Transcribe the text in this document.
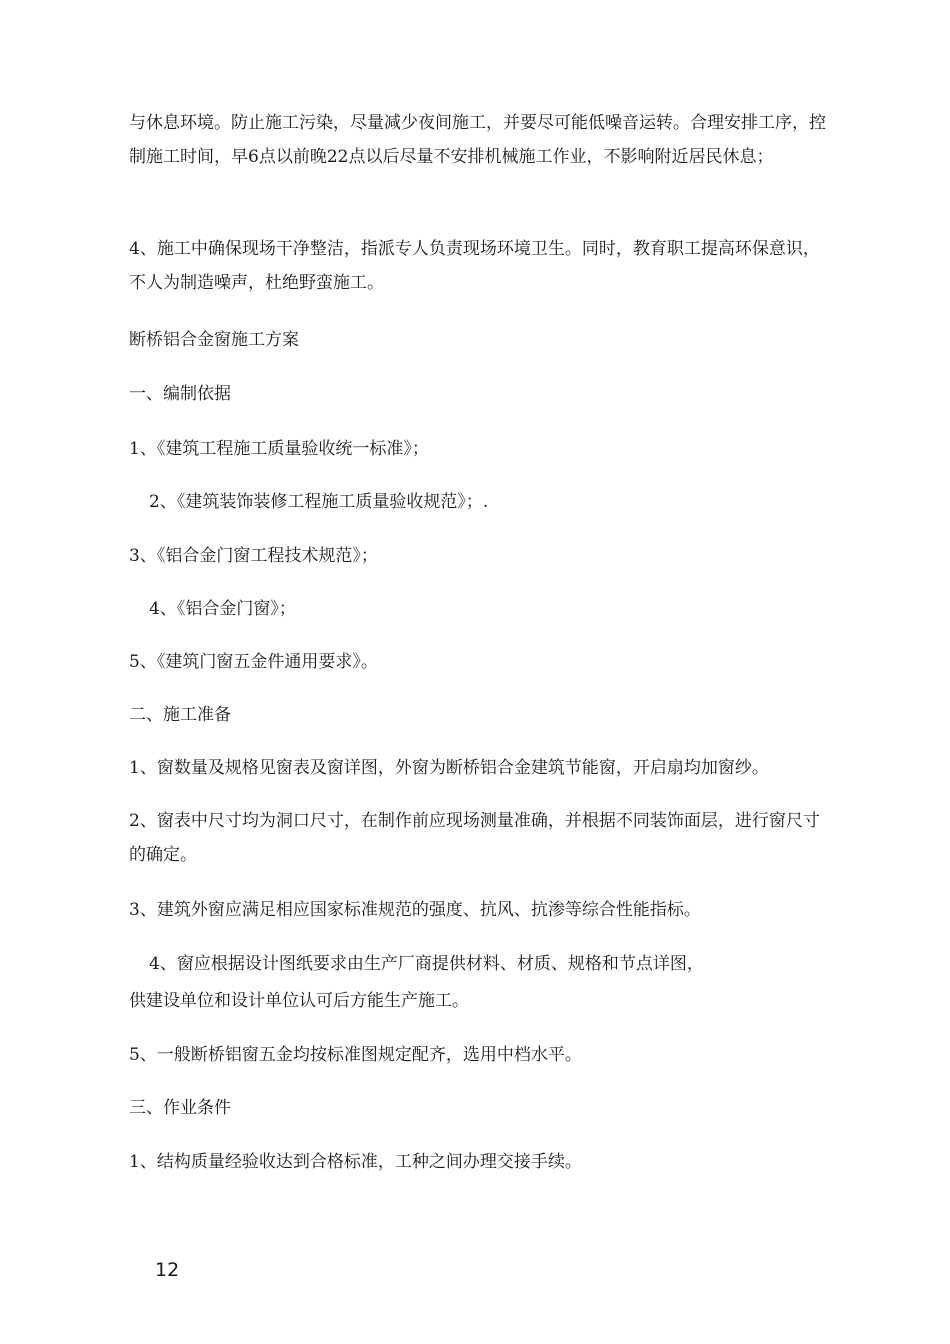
与休息环境。防止施工污染，尽量减少夜间施工，并要尽可能低噪音运转。合理安排工序，控制施工时间，早6点以前晚22点以后尽量不安排机械施工作业，不影响附近居民休息；

4、施工中确保现场干净整洁，指派专人负责现场环境卫生。同时，教育职工提高环保意识，不人为制造噪声，杜绝野蛮施工。

断桥铝合金窗施工方案

一、编制依据

1、《建筑工程施工质量验收统一标准》；

2、《建筑装饰装修工程施工质量验收规范》；.

3、《铝合金门窗工程技术规范》；

4、《铝合金门窗》；

5、《建筑门窗五金件通用要求》。

二、施工准备

1、窗数量及规格见窗表及窗详图，外窗为断桥铝合金建筑节能窗，开启扇均加窗纱。

2、窗表中尺寸均为洞口尺寸，在制作前应现场测量准确，并根据不同装饰面层，进行窗尺寸的确定。

3、建筑外窗应满足相应国家标准规范的强度、抗风、抗渗等综合性能指标。

4、窗应根据设计图纸要求由生产厂商提供材料、材质、规格和节点详图，

供建设单位和设计单位认可后方能生产施工。

5、一般断桥铝窗五金均按标准图规定配齐，选用中档水平。

三、作业条件

1、结构质量经验收达到合格标准，工种之间办理交接手续。

12
